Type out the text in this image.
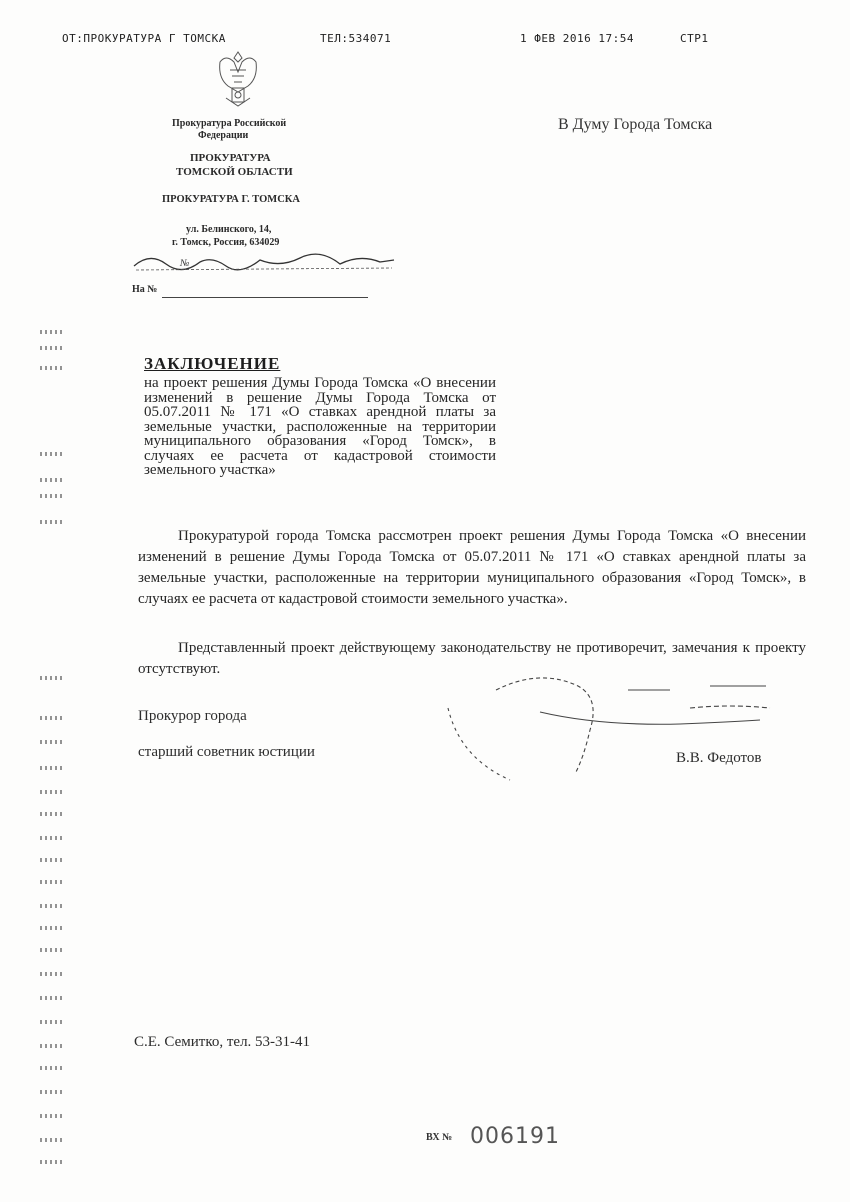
ОТ:ПРОКУРАТУРА Г ТОМСКА	ТЕЛ:534071	1 ФЕВ 2016 17:54	СТР1
Прокуратура Российской
Федерации
ПРОКУРАТУРА
ТОМСКОЙ ОБЛАСТИ
ПРОКУРАТУРА Г. ТОМСКА
ул. Белинского, 14,
г. Томск, Россия, 634029
№
На №
В Думу Города Томска
ЗАКЛЮЧЕНИЕ
на проект решения Думы Города Томска «О внесении изменений в решение Думы Города Томска от 05.07.2011 № 171 «О ставках арендной платы за земельные участки, расположенные на территории муниципального образования «Город Томск», в случаях ее расчета от кадастровой стоимости земельного участка»
Прокуратурой города Томска рассмотрен проект решения Думы Города Томска «О внесении изменений в решение Думы Города Томска от 05.07.2011 № 171 «О ставках арендной платы за земельные участки, расположенные на территории муниципального образования «Город Томск», в случаях ее расчета от кадастровой стоимости земельного участка».
Представленный проект действующему законодательству не противоречит, замечания к проекту отсутствуют.
Прокурор города
старший советник юстиции	В.В. Федотов
С.Е. Семитко, тел. 53-31-41
ВХ № 006191
